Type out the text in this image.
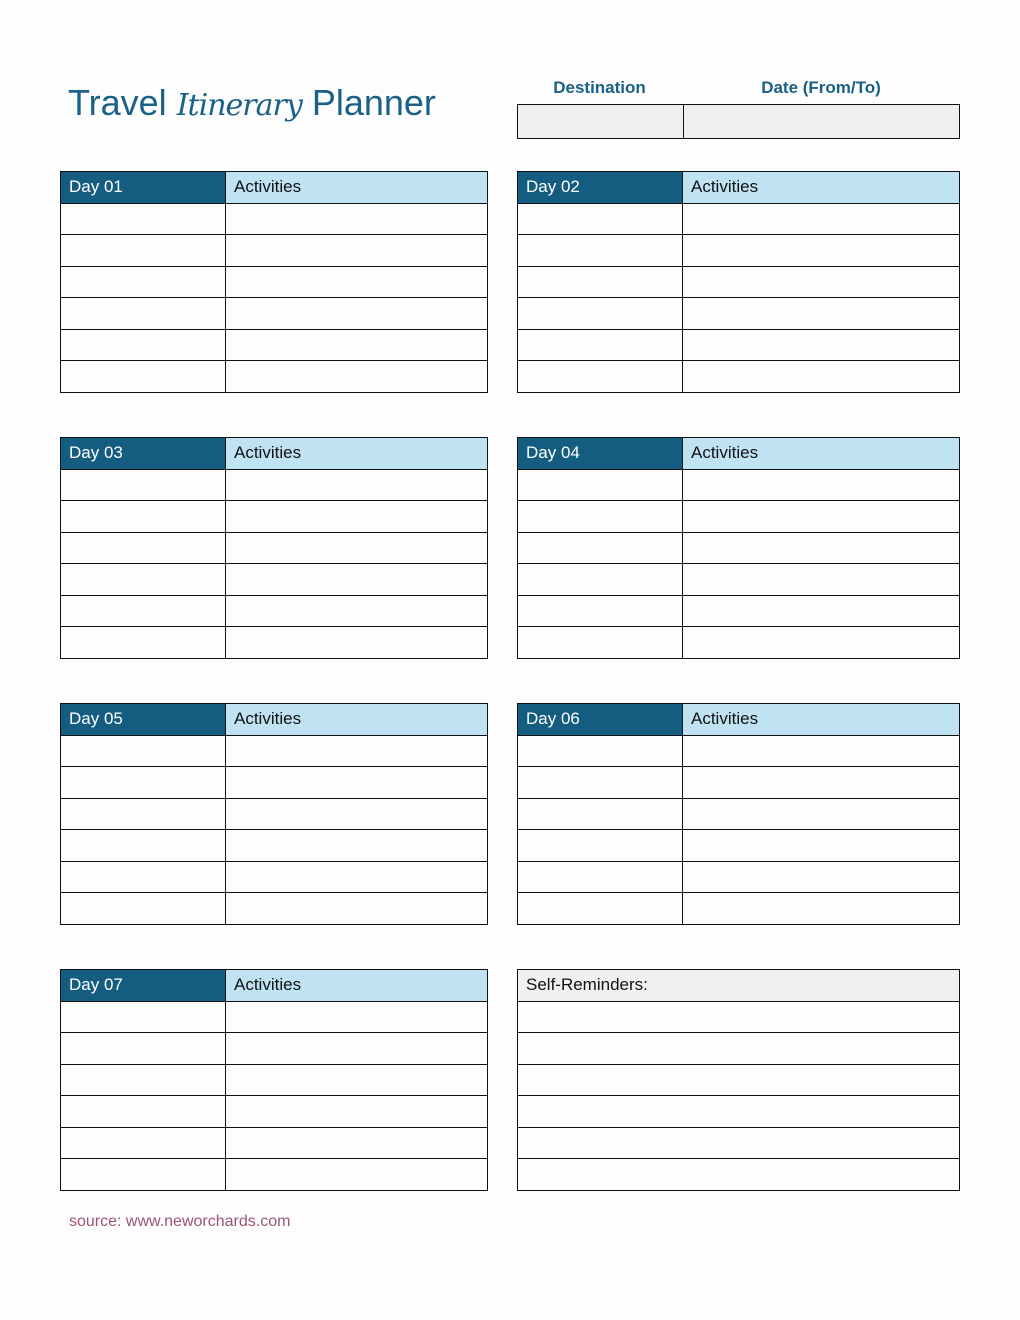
Travel Itinerary Planner	Destination	Date (From/To)
Day 01	Activities

		Day 02	Activities

Day 03	Activities

		Day 04	Activities

Day 05	Activities

		Day 06	Activities

Day 07	Activities

		Self-Reminders:

source: www.neworchards.com
